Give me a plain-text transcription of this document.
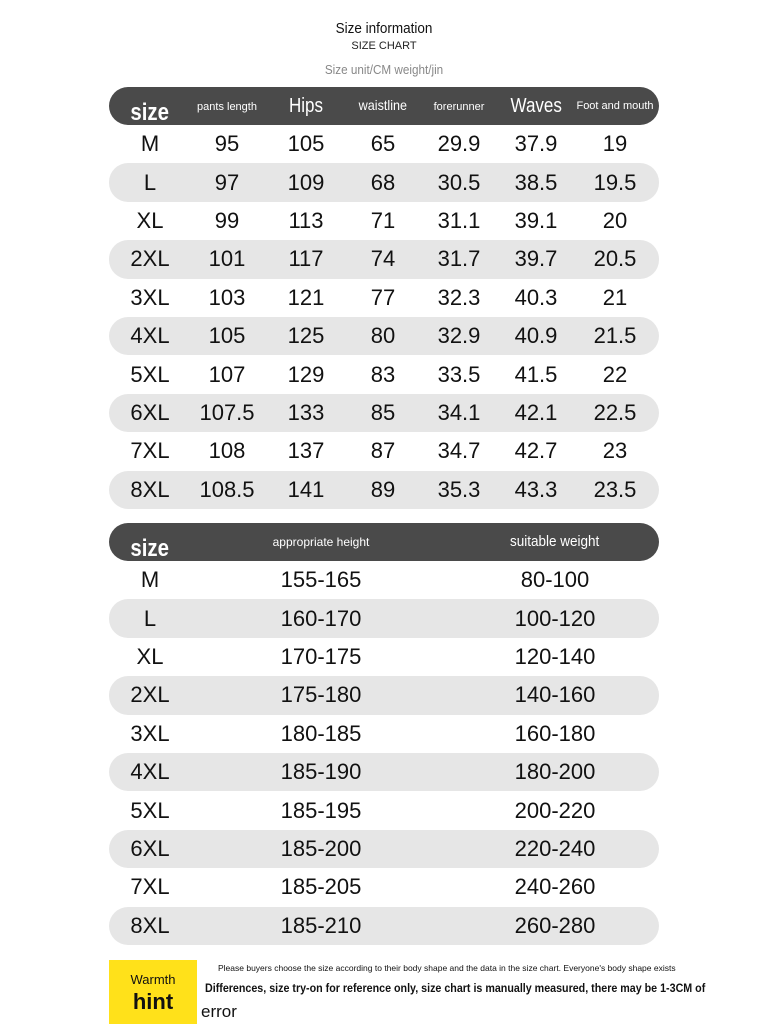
Size information
SIZE CHART
Size unit/CM weight/jin
size	pants length	Hips	waistline	forerunner	Waves	Foot and mouth
M	95	105	65	29.9	37.9	19
L	97	109	68	30.5	38.5	19.5
XL	99	113	71	31.1	39.1	20
2XL	101	117	74	31.7	39.7	20.5
3XL	103	121	77	32.3	40.3	21
4XL	105	125	80	32.9	40.9	21.5
5XL	107	129	83	33.5	41.5	22
6XL	107.5	133	85	34.1	42.1	22.5
7XL	108	137	87	34.7	42.7	23
8XL	108.5	141	89	35.3	43.3	23.5
size	appropriate height	suitable weight
M	155-165	80-100
L	160-170	100-120
XL	170-175	120-140
2XL	175-180	140-160
3XL	180-185	160-180
4XL	185-190	180-200
5XL	185-195	200-220
6XL	185-200	220-240
7XL	185-205	240-260
8XL	185-210	260-280
Warmth
hint
Please buyers choose the size according to their body shape and the data in the size chart. Everyone's body shape exists
Differences, size try-on for reference only, size chart is manually measured, there may be 1-3CM of
error
